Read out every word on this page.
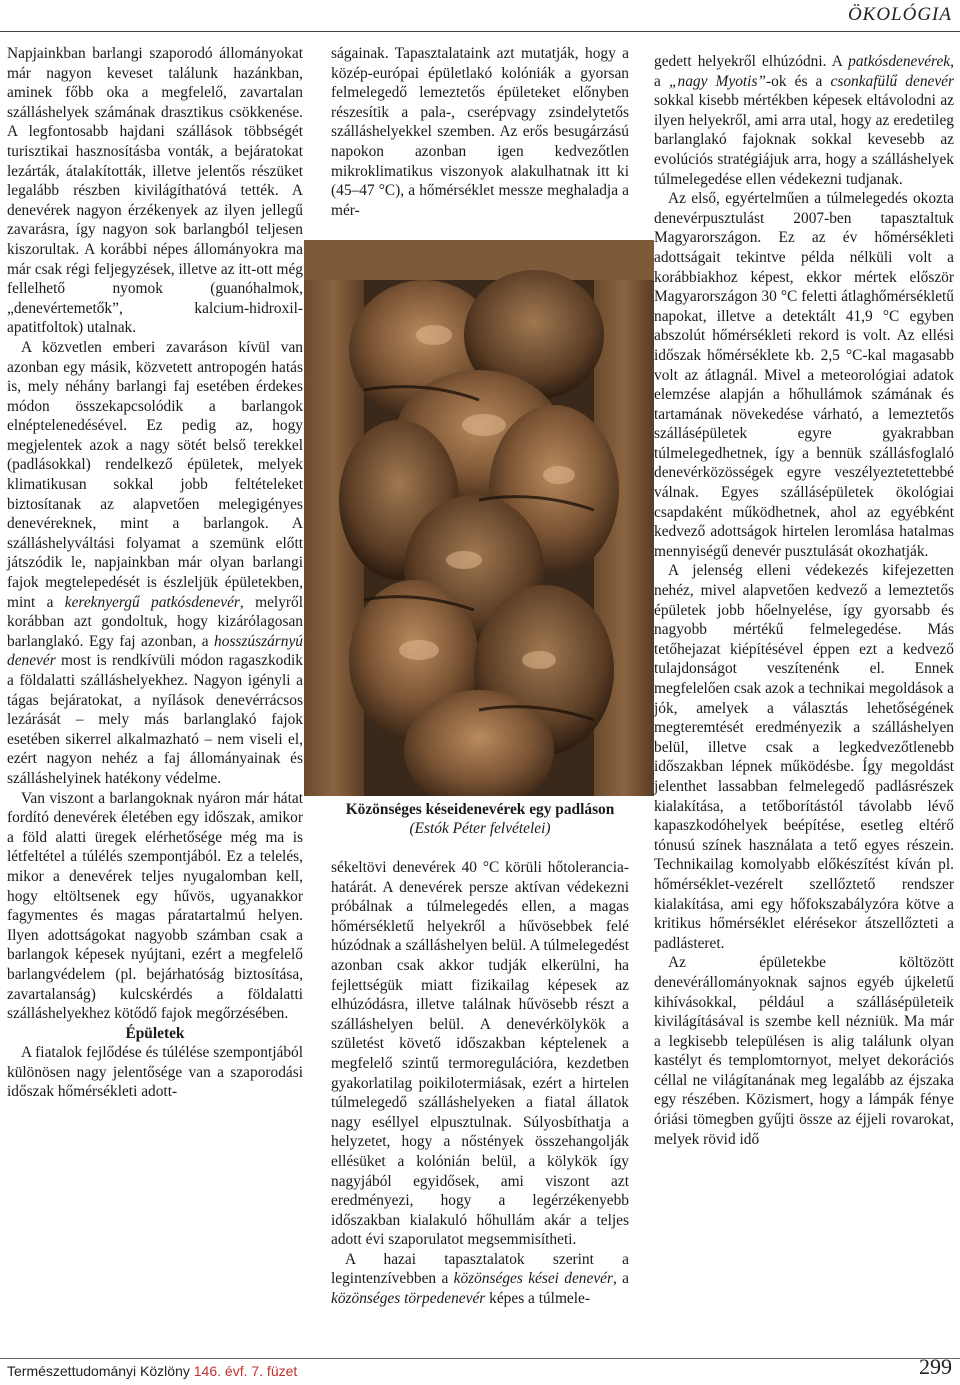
ÖKOLÓGIA

Napjainkban barlangi szaporodó állományokat már nagyon keveset találunk hazánkban, aminek főbb oka a megfelelő, zavartalan szálláshelyek számának drasztikus csökkenése. A legfontosabb hajdani szállások többségét turisztikai hasznosításba vonták, a bejáratokat lezárták, átalakították, illetve jelentős részüket legalább részben kivilágíthatóvá tették. A denevérek nagyon érzékenyek az ilyen jellegű zavarásra, így nagyon sok barlangból teljesen kiszorultak. A korábbi népes állományokra ma már csak régi feljegyzések, illetve az itt-ott még fellelhető nyomok (guanóhalmok, „denevértemetők”, kalcium-hidroxil-apatitfoltok) utalnak.

A közvetlen emberi zavaráson kívül van azonban egy másik, közvetett antropogén hatás is, mely néhány barlangi faj esetében érdekes módon összekapcsolódik a barlangok elnéptelenedésével. Ez pedig az, hogy megjelentek azok a nagy sötét belső terekkel (padlásokkal) rendelkező épületek, melyek klimatikusan sokkal jobb feltételeket biztosítanak az alapvetően melegigényes denevéreknek, mint a barlangok. A szálláshelyváltási folyamat a szemünk előtt játszódik le, napjainkban már olyan barlangi fajok megtelepedését is észleljük épületekben, mint a kereknyergű patkósdenevér, melyről korábban azt gondoltuk, hogy kizárólagosan barlanglakó. Egy faj azonban, a hosszúszárnyú denevér most is rendkívüli módon ragaszkodik a földalatti szálláshelyekhez. Nagyon igényli a tágas bejáratokat, a nyílások denevérrácsos lezárását – mely más barlanglakó fajok esetében sikerrel alkalmazható – nem viseli el, ezért nagyon nehéz a faj állományainak és szálláshelyinek hatékony védelme.

Van viszont a barlangoknak nyáron már hátat fordító denevérek életében egy időszak, amikor a föld alatti üregek elérhetősége még ma is létfeltétel a túlélés szempontjából. Ez a telelés, mikor a denevérek teljes nyugalomban kell, hogy eltöltsenek egy hűvös, ugyanakkor fagymentes és magas páratartalmú helyen. Ilyen adottságokat nagyobb számban csak a barlangok képesek nyújtani, ezért a megfelelő barlangvédelem (pl. bejárhatóság biztosítása, zavartalanság) kulcskérdés a földalatti szálláshelyekhez kötődő fajok megőrzésében.

Épületek

A fiatalok fejlődése és túlélése szempontjából különösen nagy jelentősége van a szaporodási időszak hőmérsékleti adott-

ságainak. Tapasztalataink azt mutatják, hogy a közép-európai épületlakó kolóniák a gyorsan felmelegedő lemeztetős épületeket előnyben részesítik a pala-, cserépvagy zsindelytetős szálláshelyekkel szemben. Az erős besugárzású napokon azonban igen kedvezőtlen mikroklimatikus viszonyok alakulhatnak itt ki (45–47 °C), a hőmérséklet messze meghaladja a mér-

Közönséges késeidenevérek egy padláson
(Estók Péter felvételei)

sékeltövi denevérek 40 °C körüli hőtolerancia-határát. A denevérek persze aktívan védekezni próbálnak a túlmelegedés ellen, a magas hőmérsékletű helyekről a hűvösebbek felé húzódnak a szálláshelyen belül. A túlmelegedést azonban csak akkor tudják elkerülni, ha fejlettségük miatt fizikailag képesek az elhúzódásra, illetve találnak hűvösebb részt a szálláshelyen belül. A denevérkölykök a születést követő időszakban képtelenek a megfelelő szintű termoregulációra, kezdetben gyakorlatilag poikilotermiásak, ezért a hirtelen túlmelegedő szálláshelyeken a fiatal állatok nagy eséllyel elpusztulnak. Súlyosbíthatja a helyzetet, hogy a nőstények összehangolják ellésüket a kolónián belül, a kölykök így nagyjából egyidősek, ami viszont azt eredményezi, hogy a legérzékenyebb időszakban kialakuló hőhullám akár a teljes adott évi szaporulatot megsemmisítheti.

A hazai tapasztalatok szerint a legintenzívebben a közönséges kései denevér, a közönséges törpedenevér képes a túlmele-

gedett helyekről elhúzódni. A patkósdenevérek, a „nagy Myotis”-ok és a csonkafülű denevér sokkal kisebb mértékben képesek eltávolodni az ilyen helyekről, ami arra utal, hogy az eredetileg barlanglakó fajoknak sokkal kevesebb az evolúciós stratégiájuk arra, hogy a szálláshelyek túlmelegedése ellen védekezni tudjanak.

Az első, egyértelműen a túlmelegedés okozta denevérpusztulást 2007-ben tapasztaltuk Magyarországon. Ez az év hőmérsékleti adottságait tekintve példa nélküli volt a korábbiakhoz képest, ekkor mértek először Magyarországon 30 °C feletti átlaghőmérsékletű napokat, illetve a detektált 41,9 °C egyben abszolút hőmérsékleti rekord is volt. Az ellési időszak hőmérséklete kb. 2,5 °C-kal magasabb volt az átlagnál. Mivel a meteorológiai adatok elemzése alapján a hőhullámok számának és tartamának növekedése várható, a lemeztetős szállásépületek egyre gyakrabban túlmelegedhetnek, így a bennük szállásfoglaló denevérközösségek egyre veszélyeztetettebbé válnak. Egyes szállásépületek ökológiai csapdaként működhetnek, ahol az egyébként kedvező adottságok hirtelen leromlása hatalmas mennyiségű denevér pusztulását okozhatják.

A jelenség elleni védekezés kifejezetten nehéz, mivel alapvetően kedvező a lemeztetős épületek jobb hőelnyelése, így gyorsabb és nagyobb mértékű felmelegedése. Más tetőhejazat kiépítésével éppen ezt a kedvező tulajdonságot veszítenénk el. Ennek megfelelően csak azok a technikai megoldások a jók, amelyek a választás lehetőségének megteremtését eredményezik a szálláshelyen belül, illetve csak a legkedvezőtlenebb időszakban lépnek működésbe. Így megoldást jelenthet lassabban felmelegedő padlásrészek kialakítása, a tetőborítástól távolabb lévő kapaszkodóhelyek beépítése, esetleg eltérő tónusú színek használata a tető egyes részein. Technikailag komolyabb előkészítést kíván pl. hőmérséklet-vezérelt szellőztető rendszer kialakítása, ami egy hőfokszabályzóra kötve a kritikus hőmérséklet elérésekor átszellőzteti a padlásteret.

Az épületekbe költözött denevérállományoknak sajnos egyéb újkeletű kihívásokkal, például a szállásépületeik kivilágításával is szembe kell nézniük. Ma már a legkisebb településen is alig találunk olyan kastélyt és templomtornyot, melyet dekorációs céllal ne világítanának meg legalább az éjszaka egy részében. Közismert, hogy a lámpák fénye óriási tömegben gyűjti össze az éjjeli rovarokat, melyek rövid idő

Természettudományi Közlöny 146. évf. 7. füzet	299
